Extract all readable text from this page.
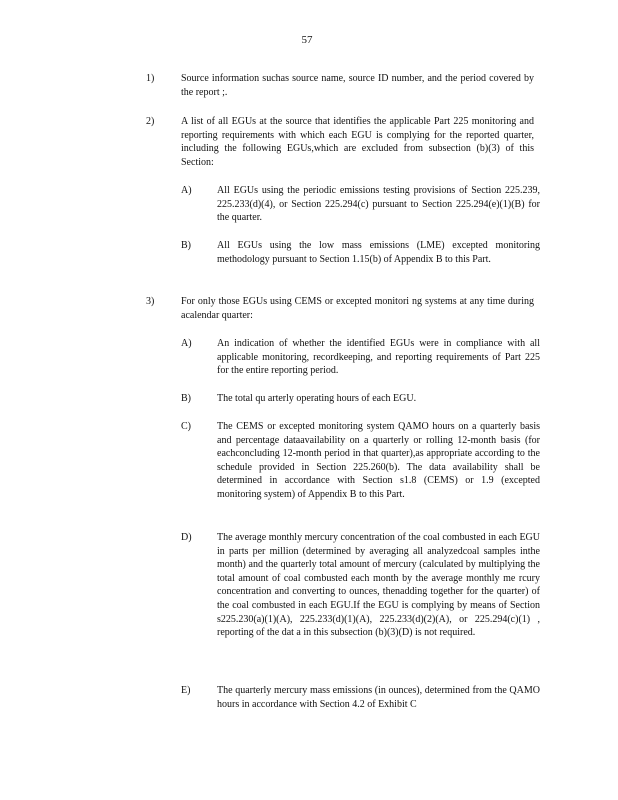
57
1)	Source information suchas source name, source ID number, and the period covered by the report ;.
2)	A list of all EGUs at the source that identifies the applicable Part 225 monitoring and reporting requirements with which each EGU is complying for the reported quarter, including the following EGUs,which are excluded from subsection (b)(3) of this Section:
A)	All EGUs using the periodic emissions testing provisions of Section 225.239, 225.233(d)(4), or Section 225.294(c) pursuant to Section 225.294(e)(1)(B) for the quarter.
B)	All EGUs using the low mass emissions (LME) excepted monitoring methodology pursuant to Section 1.15(b) of Appendix B to this Part.
3)	For only those EGUs using CEMS or excepted monitori ng systems at any time during acalendar quarter:
A)	An indication of whether the identified EGUs were in compliance with all applicable monitoring, recordkeeping, and reporting requirements of Part 225 for the entire reporting period.
B)	The total qu arterly operating hours of each EGU.
C)	The CEMS or excepted monitoring system QAMO hours on a quarterly basis and percentage dataavailability on a quarterly or rolling 12-month basis (for eachconcluding 12-month period in that quarter),as appropriate according to the schedule provided in Section 225.260(b). The data availability shall be determined in accordance with Section s1.8 (CEMS) or 1.9 (excepted monitoring system) of Appendix B to this Part.
D)	The average monthly mercury concentration of the coal combusted in each EGU in parts per million (determined by averaging all analyzedcoal samples inthe month) and the quarterly total amount of mercury (calculated by multiplying the total amount of coal combusted each month by the average monthly me rcury concentration and converting to ounces, thenadding together for the quarter) of the coal combusted in each EGU.If the EGU is complying by means of Section s225.230(a)(1)(A), 225.233(d)(1)(A), 225.233(d)(2)(A), or 225.294(c)(1) , reporting of the dat a in this subsection (b)(3)(D) is not required.
E)	The quarterly mercury mass emissions (in ounces), determined from the QAMO hours in accordance with Section 4.2 of Exhibit C
